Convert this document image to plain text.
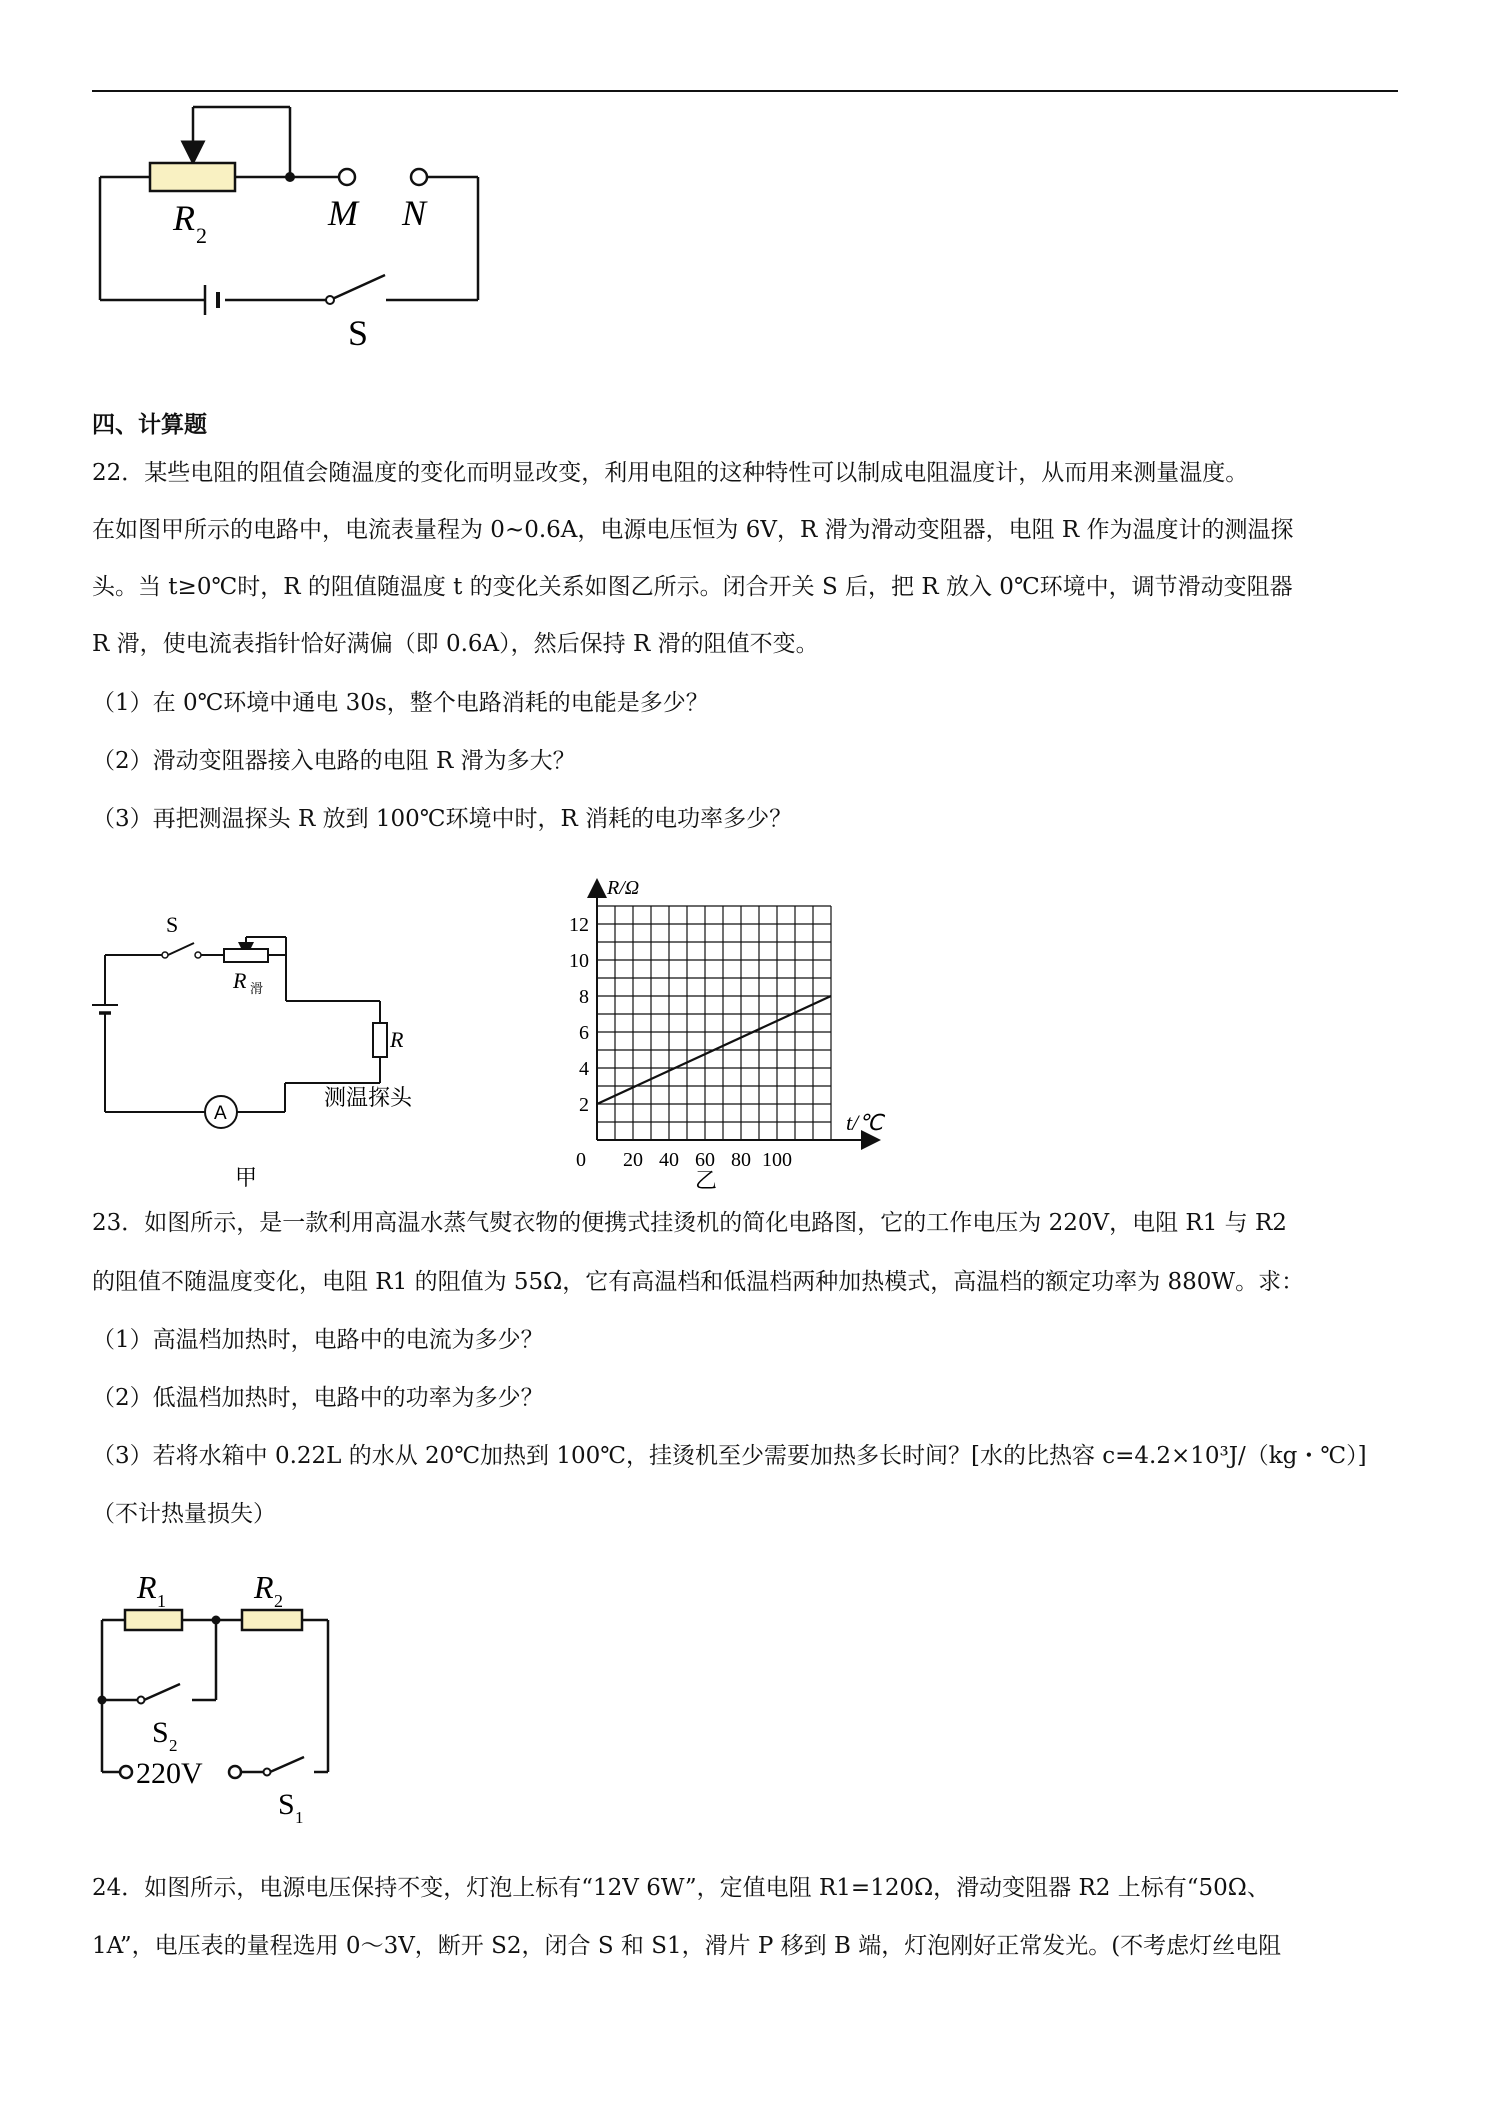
R 2
M N
S
四、计算题
22．某些电阻的阻值会随温度的变化而明显改变，利用电阻的这种特性可以制成电阻温度计，从而用来测量温度。
在如图甲所示的电路中，电流表量程为 0~0.6A，电源电压恒为 6V，R 滑为滑动变阻器，电阻 R 作为温度计的测温探
头。当 t≥0℃时，R 的阻值随温度 t 的变化关系如图乙所示。闭合开关 S 后，把 R 放入 0℃环境中，调节滑动变阻器
R 滑，使电流表指针恰好满偏（即 0.6A），然后保持 R 滑的阻值不变。
（1）在 0℃环境中通电 30s，整个电路消耗的电能是多少？
（2）滑动变阻器接入电路的电阻 R 滑为多大？
（3）再把测温探头 R 放到 100℃环境中时，R 消耗的电功率多少？
A
S
R 滑
R
测温探头
甲
2
4
6
8
10
12
20 40 60 80 100
0
R/Ω
t/℃
乙
23．如图所示，是一款利用高温水蒸气熨衣物的便携式挂烫机的简化电路图，它的工作电压为 220V，电阻 R1 与 R2
的阻值不随温度变化，电阻 R1 的阻值为 55Ω，它有高温档和低温档两种加热模式，高温档的额定功率为 880W。求：
（1）高温档加热时，电路中的电流为多少？
（2）低温档加热时，电路中的功率为多少？
（3）若将水箱中 0.22L 的水从 20℃加热到 100℃，挂烫机至少需要加热多长时间？[水的比热容 c=4.2×10³J/（kg・℃）]
（不计热量损失）
R 1	R 2
S 2
220V
S 1
24．如图所示，电源电压保持不变，灯泡上标有“12V 6W”，定值电阻 R1=120Ω，滑动变阻器 R2 上标有“50Ω、
1A”，电压表的量程选用 0～3V，断开 S2，闭合 S 和 S1，滑片 P 移到 B 端，灯泡刚好正常发光。(不考虑灯丝电阻
